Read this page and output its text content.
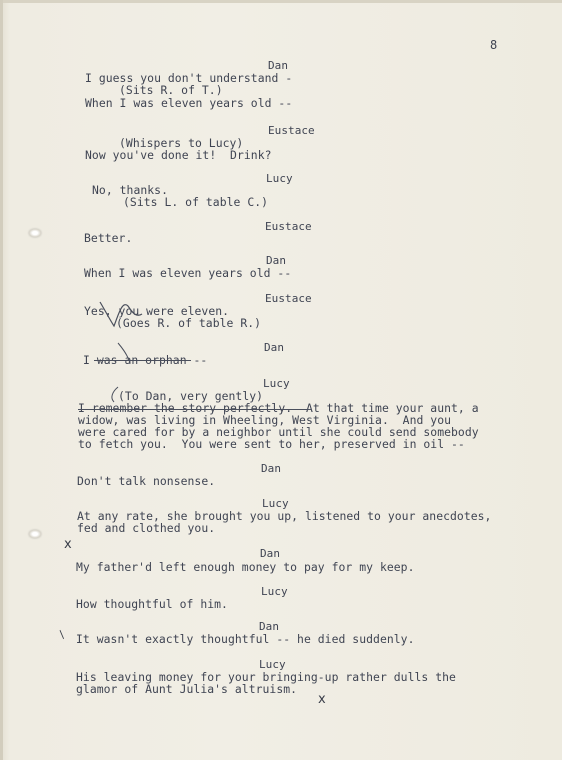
8
Dan
I guess you don't understand -
(Sits R. of T.)
When I was eleven years old --
Eustace
(Whispers to Lucy)
Now you've done it!  Drink?
Lucy
No, thanks.
(Sits L. of table C.)
Eustace
Better.
Dan
When I was eleven years old --
Eustace
Yes, you were eleven.
(Goes R. of table R.)
Dan
I was an orphan --
Lucy
(To Dan, very gently)
I remember the story perfectly.  At that time your aunt, a
widow, was living in Wheeling, West Virginia.  And you
were cared for by a neighbor until she could send somebody
to fetch you.  You were sent to her, preserved in oil --
Dan
Don't talk nonsense.
Lucy
At any rate, she brought you up, listened to your anecdotes,
fed and clothed you.
Dan
My father'd left enough money to pay for my keep.
Lucy
How thoughtful of him.
Dan
It wasn't exactly thoughtful -- he died suddenly.
Lucy
His leaving money for your bringing-up rather dulls the
glamor of Aunt Julia's altruism.
x
x
/
